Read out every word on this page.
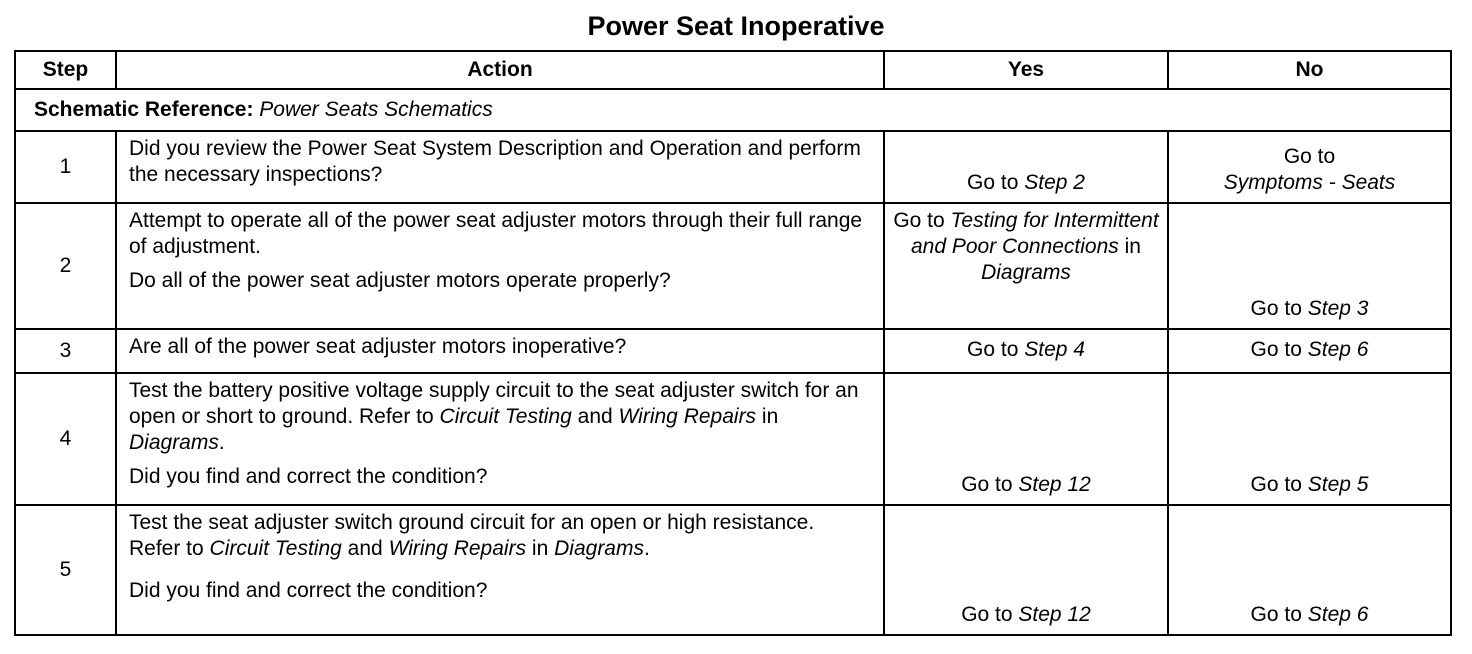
Power Seat Inoperative
Step	Action	Yes	No
Schematic Reference: Power Seats Schematics			
1	Did you review the Power Seat System Description and Operation and perform the necessary inspections?	Go to Step 2	Go to
Symptoms - Seats
2	Attempt to operate all of the power seat adjuster motors through their full range of adjustment.

Do all of the power seat adjuster motors operate properly?	Go to Testing for Intermittent and Poor Connections in Diagrams	Go to Step 3
3	Are all of the power seat adjuster motors inoperative?	Go to Step 4	Go to Step 6
4	Test the battery positive voltage supply circuit to the seat adjuster switch for an open or short to ground. Refer to Circuit Testing and Wiring Repairs in Diagrams.

Did you find and correct the condition?	Go to Step 12	Go to Step 5
5	Test the seat adjuster switch ground circuit for an open or high resistance. Refer to Circuit Testing and Wiring Repairs in Diagrams.

Did you find and correct the condition?	Go to Step 12	Go to Step 6
